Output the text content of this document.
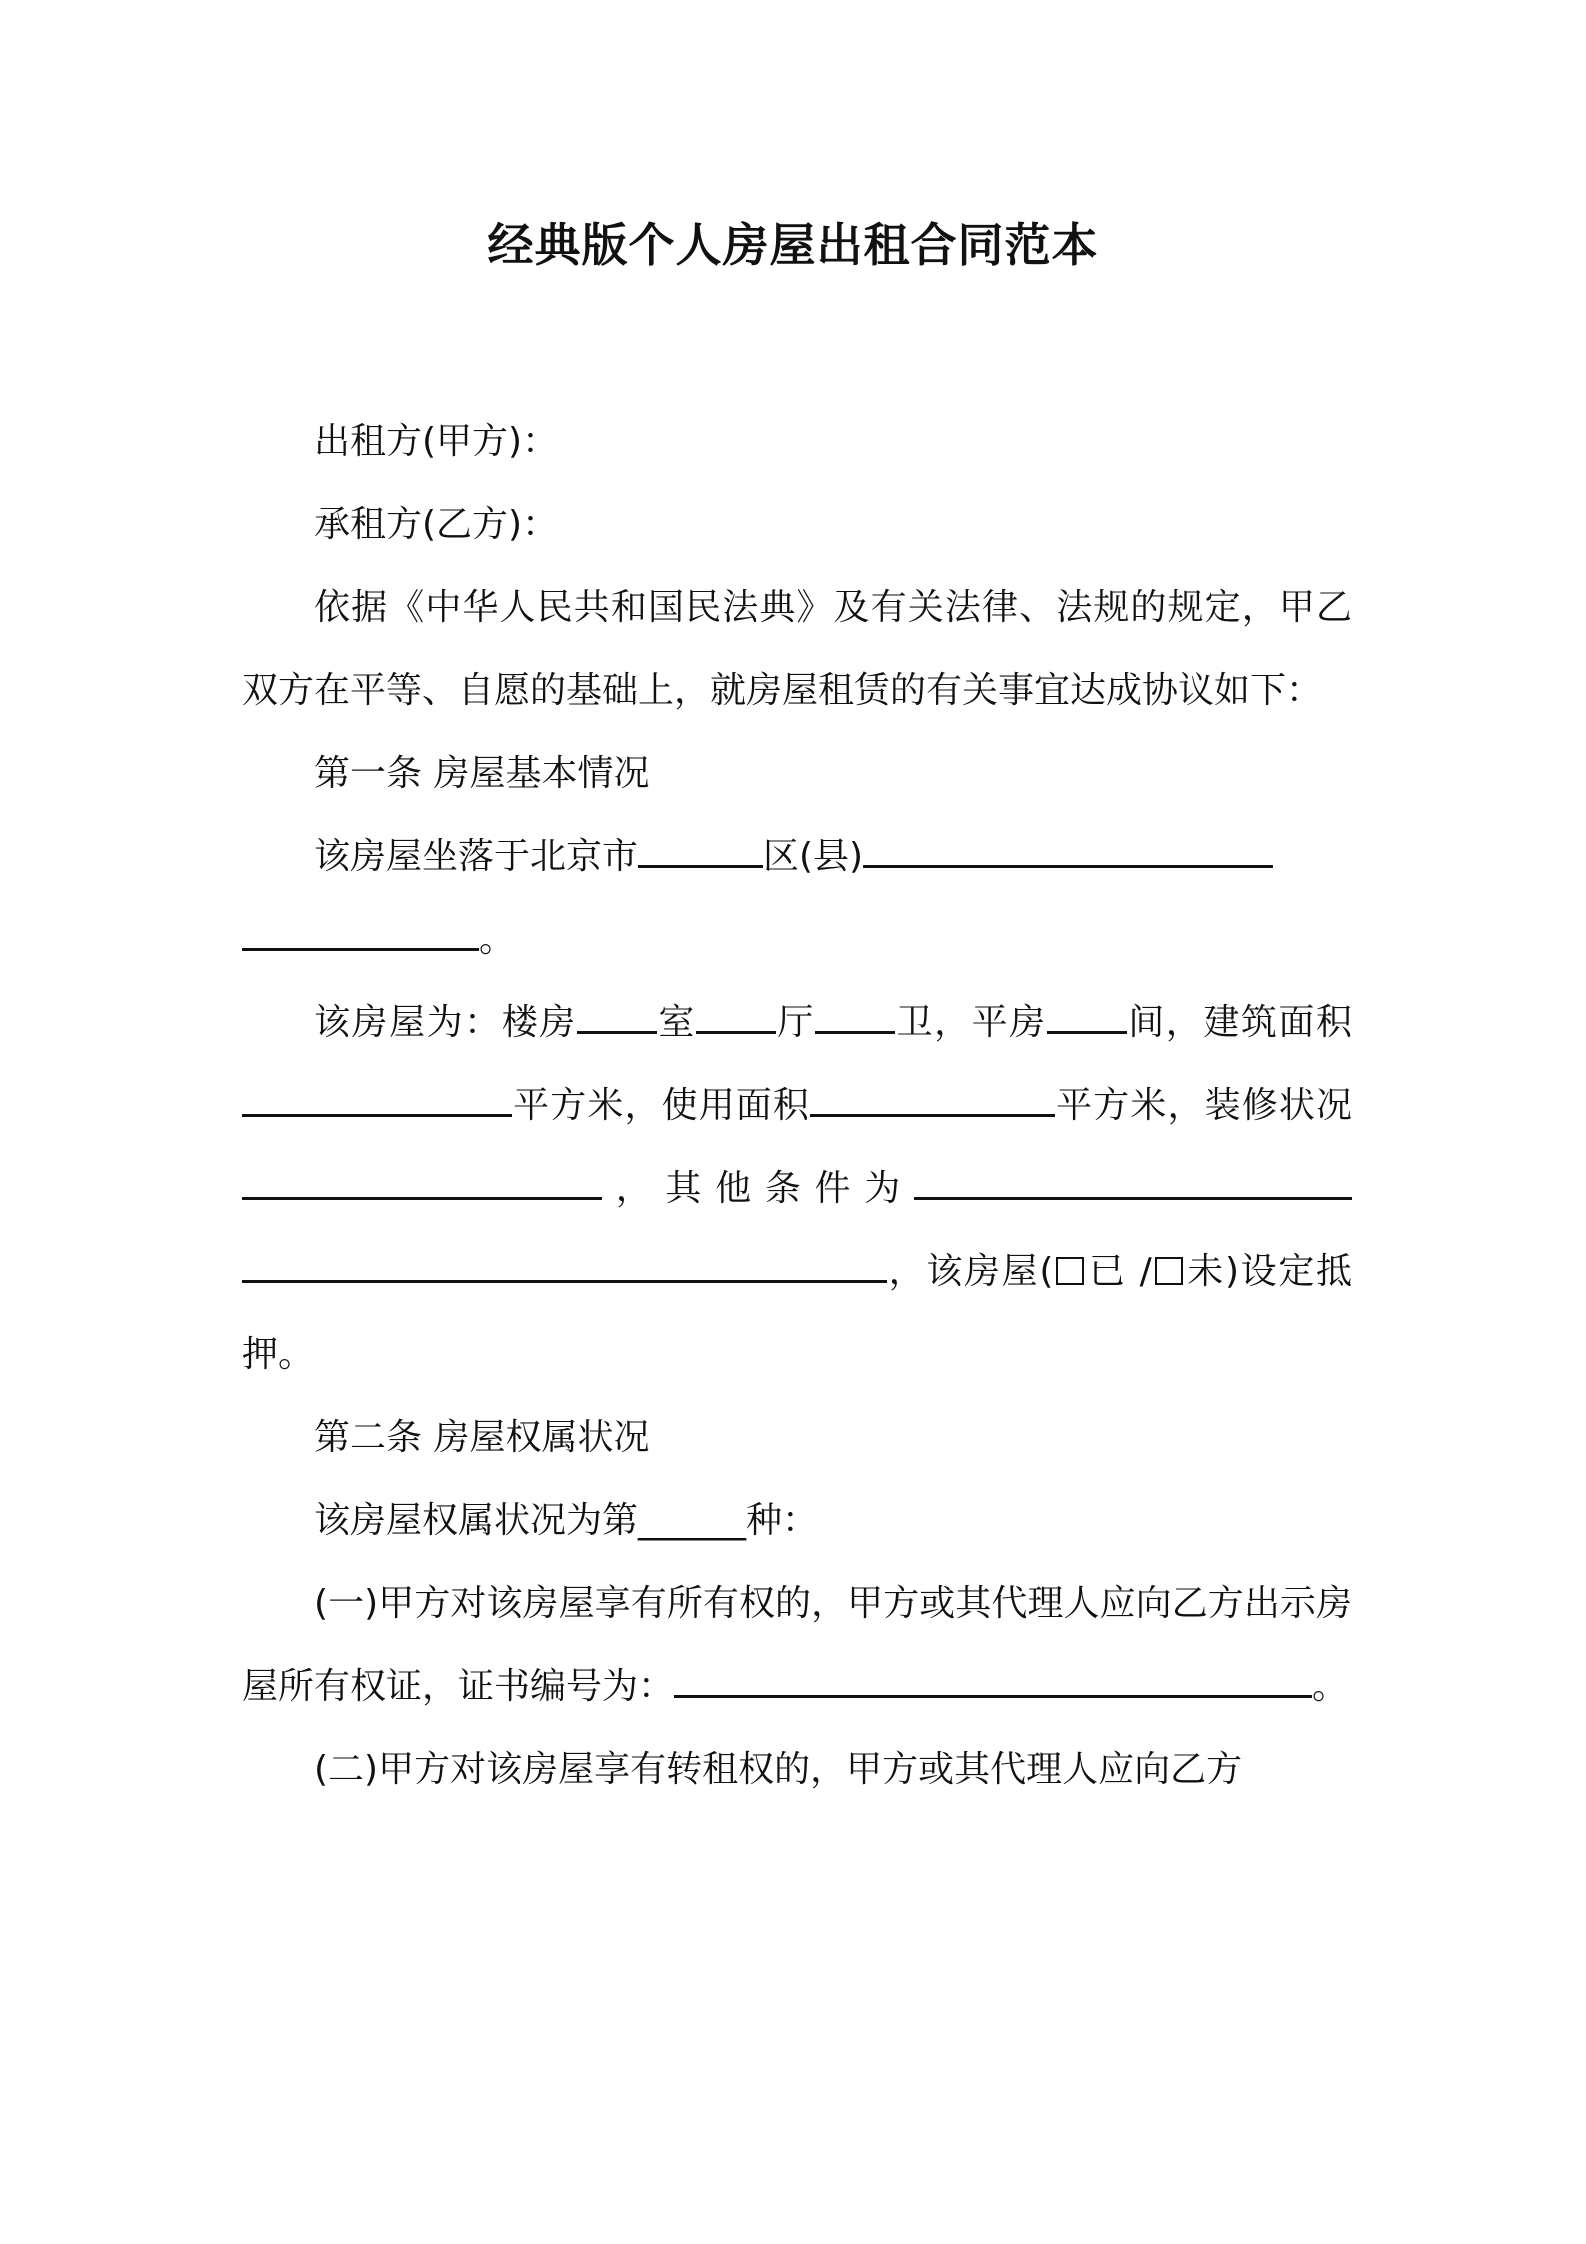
经典版个人房屋出租合同范本

出租方(甲方)：

承租方(乙方)：

依据《中华人民共和国民法典》及有关法律、法规的规定，甲乙双方在平等、自愿的基础上，就房屋租赁的有关事宜达成协议如下：

第一条 房屋基本情况

该房屋坐落于北京市	区(县)

。

该房屋为：楼房 室 厅 卫，平房 间，建筑面积平方米，使用面积	平方米，装修状况，其他条件为，该房屋( 已 / 未)设定抵押。

第二条 房屋权属状况

该房屋权属状况为第______种：

(一)甲方对该房屋享有所有权的，甲方或其代理人应向乙方出示房屋所有权证，证书编号为：	。

(二)甲方对该房屋享有转租权的，甲方或其代理人应向乙方
